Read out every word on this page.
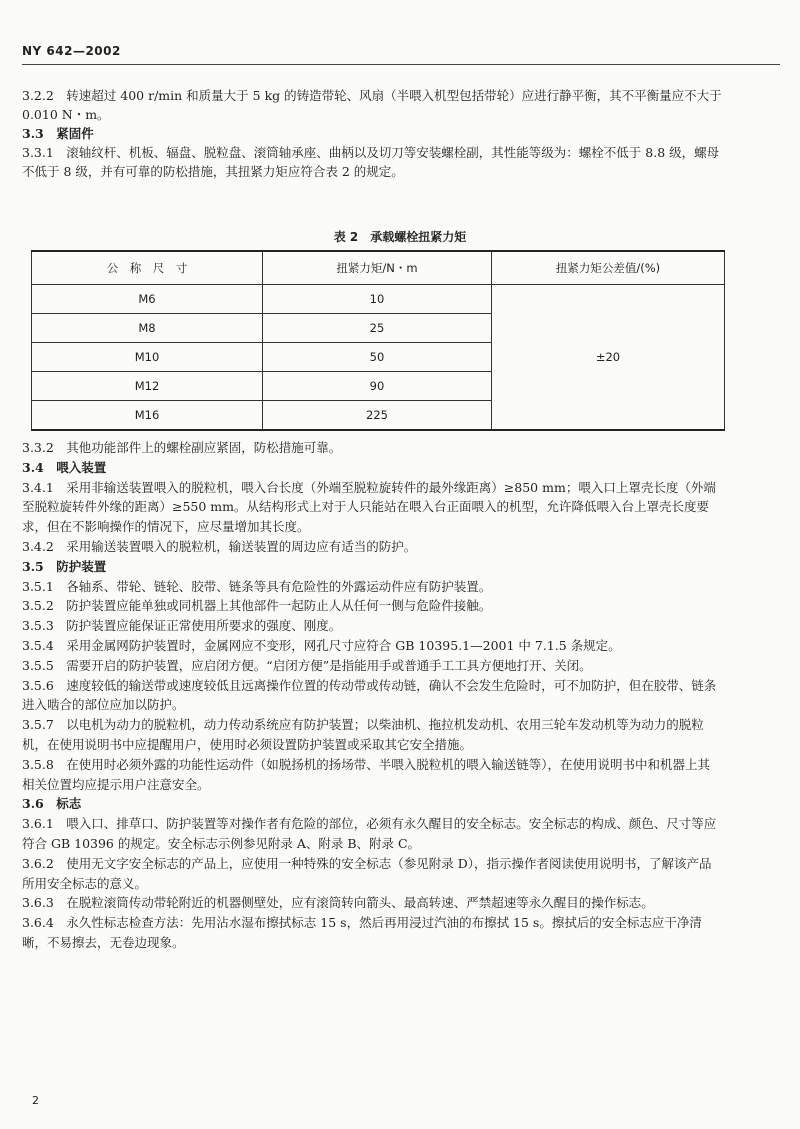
NY 642—2002

3.2.2　转速超过 400 r/min 和质量大于 5 kg 的铸造带轮、风扇（半喂入机型包括带轮）应进行静平衡，其不平衡量应不大于 0.010 N・m。

3.3　紧固件

3.3.1　滚轴纹杆、机板、辐盘、脱粒盘、滚筒轴承座、曲柄以及切刀等安装螺栓副，其性能等级为：螺栓不低于 8.8 级，螺母不低于 8 级，并有可靠的防松措施，其扭紧力矩应符合表 2 的规定。

表 2　承载螺栓扭紧力矩
公　称　尺　寸	扭紧力矩/N・m	扭紧力矩公差值/(%)
M6	10	±20
M8	25	
M10	50	
M12	90	
M16	225	

3.3.2　其他功能部件上的螺栓副应紧固，防松措施可靠。

3.4　喂入装置

3.4.1　采用非输送装置喂入的脱粒机，喂入台长度（外端至脱粒旋转件的最外缘距离）≥850 mm；喂入口上罩壳长度（外端至脱粒旋转件外缘的距离）≥550 mm。从结构形式上对于人只能站在喂入台正面喂入的机型，允许降低喂入台上罩壳长度要求，但在不影响操作的情况下，应尽量增加其长度。

3.4.2　采用输送装置喂入的脱粒机，输送装置的周边应有适当的防护。

3.5　防护装置

3.5.1　各轴系、带轮、链轮、胶带、链条等具有危险性的外露运动件应有防护装置。

3.5.2　防护装置应能单独或同机器上其他部件一起防止人从任何一侧与危险件接触。

3.5.3　防护装置应能保证正常使用所要求的强度、刚度。

3.5.4　采用金属网防护装置时，金属网应不变形，网孔尺寸应符合 GB 10395.1—2001 中 7.1.5 条规定。

3.5.5　需要开启的防护装置，应启闭方便。“启闭方便”是指能用手或普通手工工具方便地打开、关闭。

3.5.6　速度较低的输送带或速度较低且远离操作位置的传动带或传动链，确认不会发生危险时，可不加防护，但在胶带、链条进入啮合的部位应加以防护。

3.5.7　以电机为动力的脱粒机，动力传动系统应有防护装置；以柴油机、拖拉机发动机、农用三轮车发动机等为动力的脱粒机，在使用说明书中应提醒用户，使用时必须设置防护装置或采取其它安全措施。

3.5.8　在使用时必须外露的功能性运动件（如脱扬机的扬场带、半喂入脱粒机的喂入输送链等），在使用说明书中和机器上其相关位置均应提示用户注意安全。

3.6　标志

3.6.1　喂入口、排草口、防护装置等对操作者有危险的部位，必须有永久醒目的安全标志。安全标志的构成、颜色、尺寸等应符合 GB 10396 的规定。安全标志示例参见附录 A、附录 B、附录 C。

3.6.2　使用无文字安全标志的产品上，应使用一种特殊的安全标志（参见附录 D），指示操作者阅读使用说明书，了解该产品所用安全标志的意义。

3.6.3　在脱粒滚筒传动带轮附近的机器侧壁处，应有滚筒转向箭头、最高转速、严禁超速等永久醒目的操作标志。

3.6.4　永久性标志检查方法：先用沾水湿布擦拭标志 15 s，然后再用浸过汽油的布擦拭 15 s。擦拭后的安全标志应干净清晰，不易擦去，无卷边现象。

2
